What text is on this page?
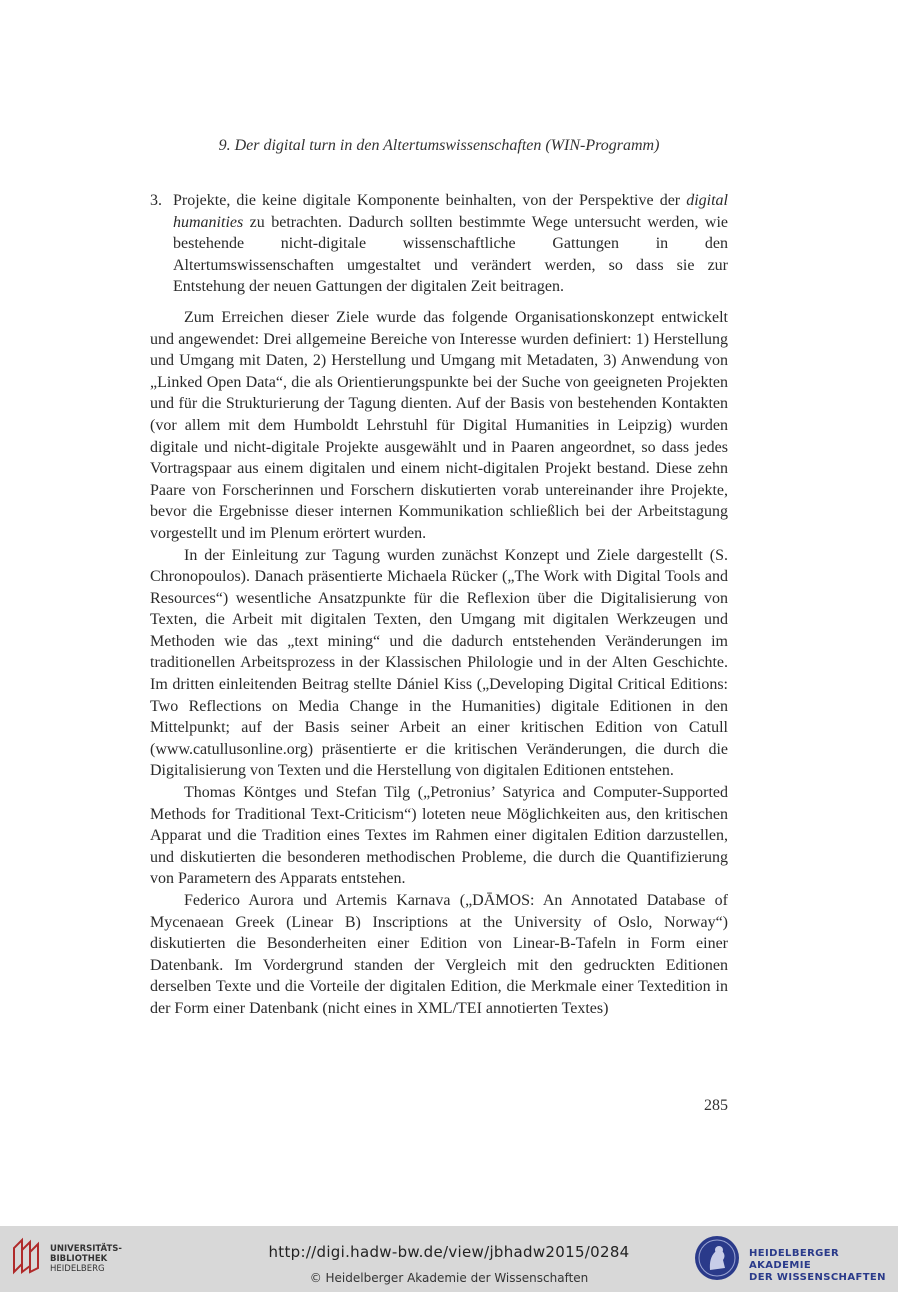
9. Der digital turn in den Altertumswissenschaften (WIN-Programm)
3. Projekte, die keine digitale Komponente beinhalten, von der Perspektive der digital humanities zu betrachten. Dadurch sollten bestimmte Wege untersucht werden, wie bestehende nicht-digitale wissenschaftliche Gattungen in den Altertumswissenschaften umgestaltet und verändert werden, so dass sie zur Entstehung der neuen Gattungen der digitalen Zeit beitragen.

Zum Erreichen dieser Ziele wurde das folgende Organisationskonzept entwickelt und angewendet: Drei allgemeine Bereiche von Interesse wurden definiert: 1) Herstellung und Umgang mit Daten, 2) Herstellung und Umgang mit Metadaten, 3) Anwendung von „Linked Open Data“, die als Orientierungspunkte bei der Suche von geeigneten Projekten und für die Strukturierung der Tagung dienten. Auf der Basis von bestehenden Kontakten (vor allem mit dem Humboldt Lehrstuhl für Digital Humanities in Leipzig) wurden digitale und nicht-digitale Projekte ausgewählt und in Paaren angeordnet, so dass jedes Vortragspaar aus einem digitalen und einem nicht-digitalen Projekt bestand. Diese zehn Paare von Forscherinnen und Forschern diskutierten vorab untereinander ihre Projekte, bevor die Ergebnisse dieser internen Kommunikation schließlich bei der Arbeitstagung vorgestellt und im Plenum erörtert wurden.

In der Einleitung zur Tagung wurden zunächst Konzept und Ziele dargestellt (S. Chronopoulos). Danach präsentierte Michaela Rücker („The Work with Digital Tools and Resources“) wesentliche Ansatzpunkte für die Reflexion über die Digitalisierung von Texten, die Arbeit mit digitalen Texten, den Umgang mit digitalen Werkzeugen und Methoden wie das „text mining“ und die dadurch entstehenden Veränderungen im traditionellen Arbeitsprozess in der Klassischen Philologie und in der Alten Geschichte. Im dritten einleitenden Beitrag stellte Dániel Kiss („Developing Digital Critical Editions: Two Reflections on Media Change in the Humanities) digitale Editionen in den Mittelpunkt; auf der Basis seiner Arbeit an einer kritischen Edition von Catull (www.catullusonline.org) präsentierte er die kritischen Veränderungen, die durch die Digitalisierung von Texten und die Herstellung von digitalen Editionen entstehen.

Thomas Köntges und Stefan Tilg („Petronius’ Satyrica and Computer-Supported Methods for Traditional Text-Criticism“) loteten neue Möglichkeiten aus, den kritischen Apparat und die Tradition eines Textes im Rahmen einer digitalen Edition darzustellen, und diskutierten die besonderen methodischen Probleme, die durch die Quantifizierung von Parametern des Apparats entstehen.

Federico Aurora und Artemis Karnava („DĀMOS: An Annotated Database of Mycenaean Greek (Linear B) Inscriptions at the University of Oslo, Norway“) diskutierten die Besonderheiten einer Edition von Linear-B-Tafeln in Form einer Datenbank. Im Vordergrund standen der Vergleich mit den gedruckten Editionen derselben Texte und die Vorteile der digitalen Edition, die Merkmale einer Textedition in der Form einer Datenbank (nicht eines in XML/TEI annotierten Textes)

285
UNIVERSITÄTS-
BIBLIOTHEK
HEIDELBERG
http://digi.hadw-bw.de/view/jbhadw2015/0284
© Heidelberger Akademie der Wissenschaften
HEIDELBERGER AKADEMIE
DER WISSENSCHAFTEN
